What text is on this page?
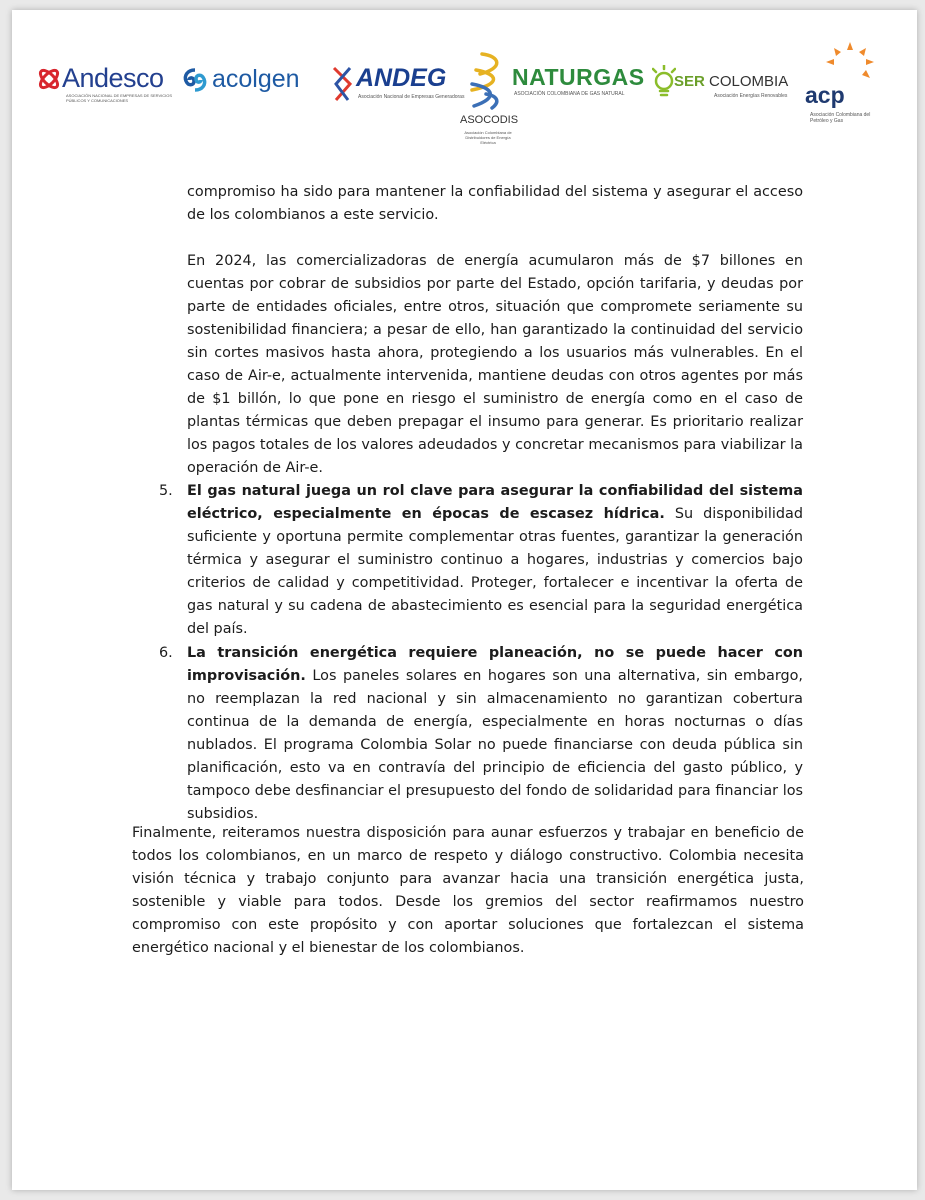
Andesco
ASOCIACIÓN NACIONAL DE EMPRESAS DE SERVICIOS PÚBLICOS Y COMUNICACIONES
acolgen ANDEG
Asociación Nacional de Empresas Generadoras
ASOCODIS
Asociación Colombiana de Distribuidores de Energía Eléctrica
NATURGAS
ASOCIACIÓN COLOMBIANA DE GAS NATURAL
SER COLOMBIA
Asociación Energías Renovables acp
Asociación Colombiana del Petróleo y Gas

compromiso ha sido para mantener la confiabilidad del sistema y asegurar el acceso de los colombianos a este servicio.

En 2024, las comercializadoras de energía acumularon más de $7 billones en cuentas por cobrar de subsidios por parte del Estado, opción tarifaria, y deudas por parte de entidades oficiales, entre otros, situación que compromete seriamente su sostenibilidad financiera; a pesar de ello, han garantizado la continuidad del servicio sin cortes masivos hasta ahora, protegiendo a los usuarios más vulnerables. En el caso de Air-e, actualmente intervenida, mantiene deudas con otros agentes por más de $1 billón, lo que pone en riesgo el suministro de energía como en el caso de plantas térmicas que deben prepagar el insumo para generar. Es prioritario realizar los pagos totales de los valores adeudados y concretar mecanismos para viabilizar la operación de Air-e.

5. El gas natural juega un rol clave para asegurar la confiabilidad del sistema eléctrico, especialmente en épocas de escasez hídrica. Su disponibilidad suficiente y oportuna permite complementar otras fuentes, garantizar la generación térmica y asegurar el suministro continuo a hogares, industrias y comercios bajo criterios de calidad y competitividad. Proteger, fortalecer e incentivar la oferta de gas natural y su cadena de abastecimiento es esencial para la seguridad energética del país.

6. La transición energética requiere planeación, no se puede hacer con improvisación. Los paneles solares en hogares son una alternativa, sin embargo, no reemplazan la red nacional y sin almacenamiento no garantizan cobertura continua de la demanda de energía, especialmente en horas nocturnas o días nublados. El programa Colombia Solar no puede financiarse con deuda pública sin planificación, esto va en contravía del principio de eficiencia del gasto público, y tampoco debe desfinanciar el presupuesto del fondo de solidaridad para financiar los subsidios.

Finalmente, reiteramos nuestra disposición para aunar esfuerzos y trabajar en beneficio de todos los colombianos, en un marco de respeto y diálogo constructivo. Colombia necesita visión técnica y trabajo conjunto para avanzar hacia una transición energética justa, sostenible y viable para todos. Desde los gremios del sector reafirmamos nuestro compromiso con este propósito y con aportar soluciones que fortalezcan el sistema energético nacional y el bienestar de los colombianos.
